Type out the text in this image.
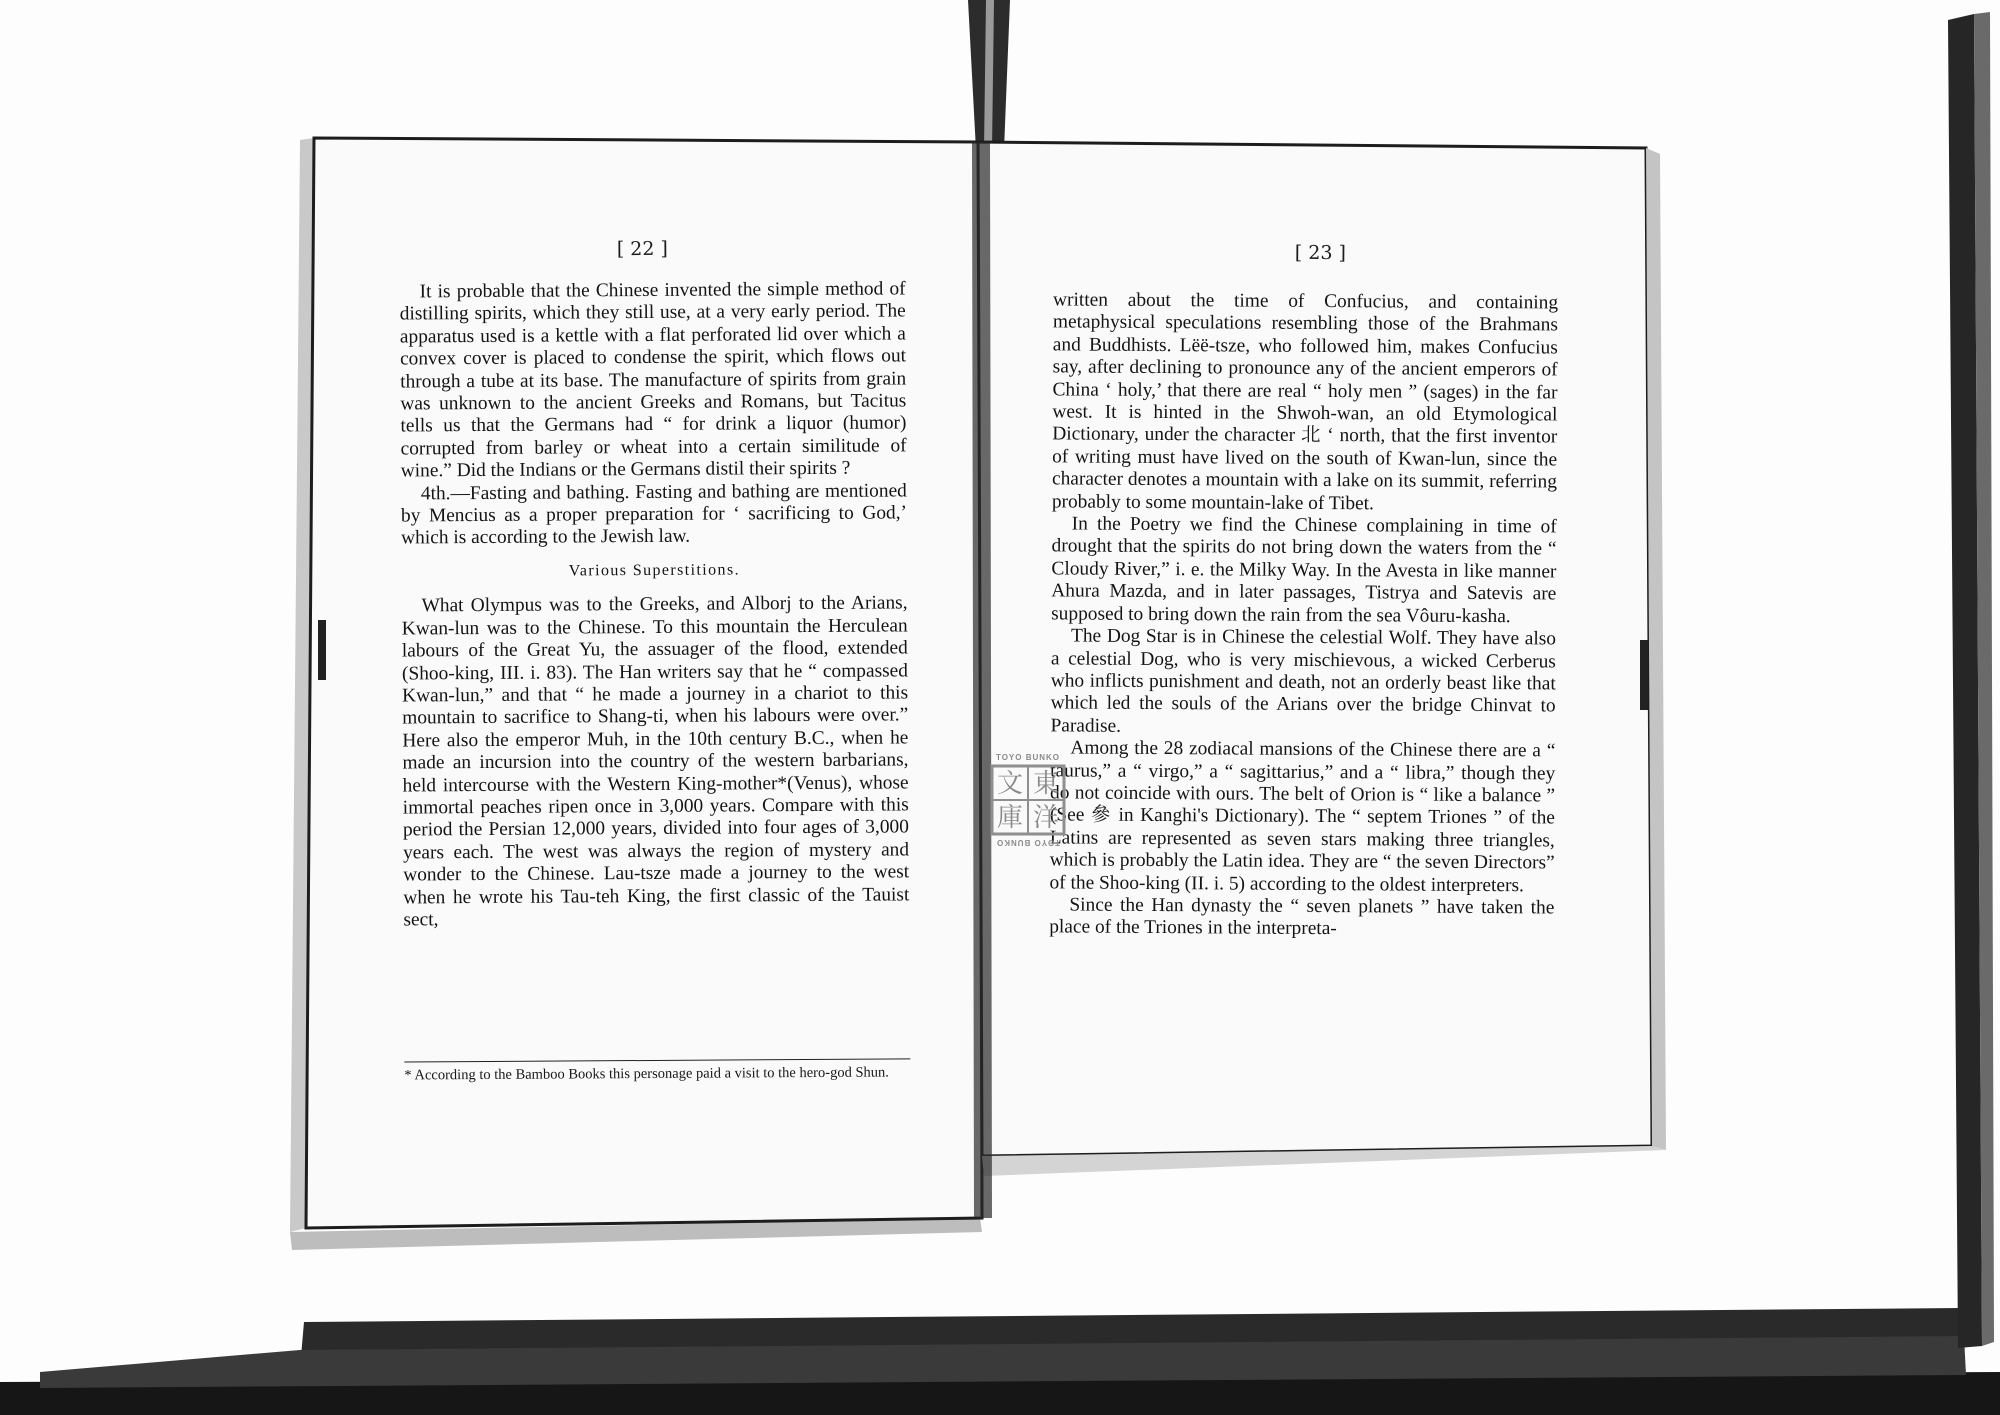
[ 22 ]

It is probable that the Chinese invented the simple method of distilling spirits, which they still use, at a very early period. The apparatus used is a kettle with a flat perforated lid over which a convex cover is placed to condense the spirit, which flows out through a tube at its base. The manufacture of spirits from grain was unknown to the ancient Greeks and Romans, but Tacitus tells us that the Germans had “ for drink a liquor (humor) corrupted from barley or wheat into a certain similitude of wine.” Did the Indians or the Germans distil their spirits ?

4th.—Fasting and bathing. Fasting and bathing are mentioned by Mencius as a proper preparation for ‘ sacrificing to God,’ which is according to the Jewish law.

Various Superstitions.

What Olympus was to the Greeks, and Alborj to the Arians, Kwan-lun was to the Chinese. To this mountain the Herculean labours of the Great Yu, the assuager of the flood, extended (Shoo-king, III. i. 83). The Han writers say that he “ compassed Kwan-lun,” and that “ he made a journey in a chariot to this mountain to sacrifice to Shang-ti, when his labours were over.” Here also the emperor Muh, in the 10th century B.C., when he made an incursion into the country of the western barbarians, held intercourse with the Western King-mother*(Venus), whose immortal peaches ripen once in 3,000 years. Compare with this period the Persian 12,000 years, divided into four ages of 3,000 years each. The west was always the region of mystery and wonder to the Chinese. Lau-tsze made a journey to the west when he wrote his Tau-teh King, the first classic of the Tauist sect,

* According to the Bamboo Books this personage paid a visit to the hero-god Shun.
[ 23 ]

written about the time of Confucius, and containing metaphysical speculations resembling those of the Brahmans and Buddhists. Lëë-tsze, who followed him, makes Confucius say, after declining to pronounce any of the ancient emperors of China ‘ holy,’ that there are real “ holy men ” (sages) in the far west. It is hinted in the Shwoh-wan, an old Etymological Dictionary, under the character 北 ‘ north, that the first inventor of writing must have lived on the south of Kwan-lun, since the character denotes a mountain with a lake on its summit, referring probably to some mountain-lake of Tibet.

In the Poetry we find the Chinese complaining in time of drought that the spirits do not bring down the waters from the “ Cloudy River,” i. e. the Milky Way. In the Avesta in like manner Ahura Mazda, and in later passages, Tistrya and Satevis are supposed to bring down the rain from the sea Vôuru-kasha.

The Dog Star is in Chinese the celestial Wolf. They have also a celestial Dog, who is very mischievous, a wicked Cerberus who inflicts punishment and death, not an orderly beast like that which led the souls of the Arians over the bridge Chinvat to Paradise.

Among the 28 zodiacal mansions of the Chinese there are a “ taurus,” a “ virgo,” a “ sagittarius,” and a “ libra,” though they do not coincide with ours. The belt of Orion is “ like a balance ” (See 參 in Kanghi's Dictionary). The “ septem Triones ” of the Latins are represented as seven stars making three triangles, which is probably the Latin idea. They are “ the seven Directors” of the Shoo-king (II. i. 5) according to the oldest interpreters.

Since the Han dynasty the “ seven planets ” have taken the place of the Triones in the interpreta-

TOYO BUNKO
東
洋
文
庫
TOYO BUNKO
